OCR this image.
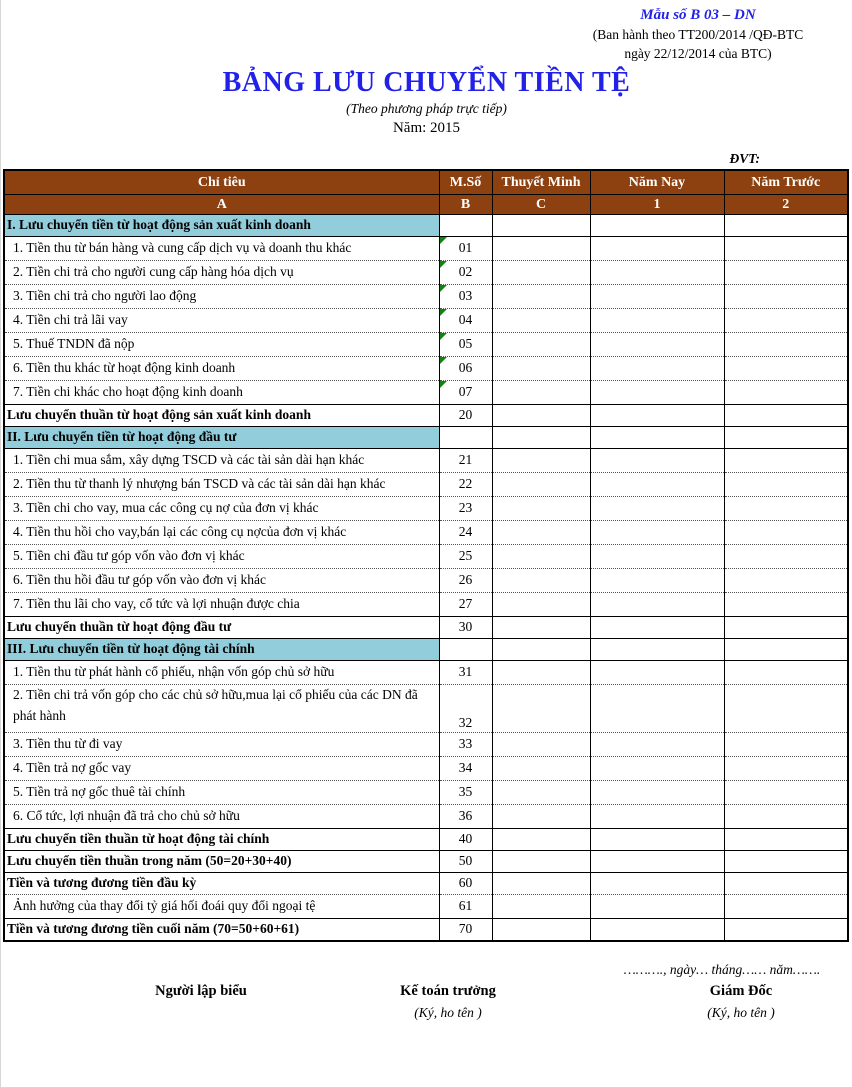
Mẫu số B 03 – DN
(Ban hành theo TT200/2014 /QĐ-BTC
ngày 22/12/2014 của BTC)
BẢNG LƯU CHUYỂN TIỀN TỆ
(Theo phương pháp trực tiếp)
Năm: 2015
ĐVT:
Chỉ tiêu	M.Số	Thuyết Minh	Năm Nay	Năm Trước
A	B	C	1	2
I. Lưu chuyển tiền từ hoạt động sản xuất kinh doanh				
1. Tiền thu từ bán hàng và cung cấp dịch vụ và doanh thu khác	01			
2. Tiền chi trả cho người cung cấp hàng hóa dịch vụ	02			
3. Tiền chi trả cho người lao động	03			
4. Tiền chi trả lãi vay	04			
5. Thuế TNDN đã nộp	05			
6. Tiền thu khác từ hoạt động kinh doanh	06			
7. Tiền chi khác cho hoạt động kinh doanh	07			
Lưu chuyển thuần từ hoạt động sản xuất kinh doanh	20			
II. Lưu chuyển tiền từ hoạt động đầu tư				
1. Tiền chi mua sắm, xây dựng TSCD và các tài sản dài hạn khác	21			
2. Tiền thu từ thanh lý nhượng bán TSCD và các tài sản dài hạn khác	22			
3. Tiền chi cho vay, mua các công cụ nợ của đơn vị khác	23			
4. Tiền thu hồi cho vay,bán lại các công cụ nợcủa đơn vị khác	24			
5. Tiền chi đầu tư góp vốn vào đơn vị khác	25			
6. Tiền thu hồi đầu tư góp vốn vào đơn vị khác	26			
7. Tiền thu lãi cho vay, cổ tức và lợi nhuận được chia	27			
Lưu chuyển thuần từ hoạt động đầu tư	30			
III. Lưu chuyển tiền từ hoạt động tài chính				
1. Tiền thu từ phát hành cổ phiếu, nhận vốn góp chủ sở hữu	31			
2. Tiền chi trả vốn góp cho các chủ sở hữu,mua lại cổ phiếu của các DN đã phát hành	32			
3. Tiền thu từ đi vay	33			
4. Tiền trả nợ gốc vay	34			
5. Tiền trả nợ gốc thuê tài chính	35			
6. Cổ tức, lợi nhuận đã trả cho chủ sở hữu	36			
Lưu chuyển tiền thuần từ hoạt động tài chính	40			
Lưu chuyển tiền thuần trong năm (50=20+30+40)	50			
Tiền và tương đương tiền đầu kỳ	60			
Ảnh hưởng của thay đổi tỷ giá hối đoái quy đổi ngoại tệ	61			
Tiền và tương đương tiền cuối năm (70=50+60+61)	70			
………., ngày… tháng…… năm…….
Người lập biểu	Kế toán trưởng
(Ký, ho tên )
Giám Đốc
(Ký, ho tên )
